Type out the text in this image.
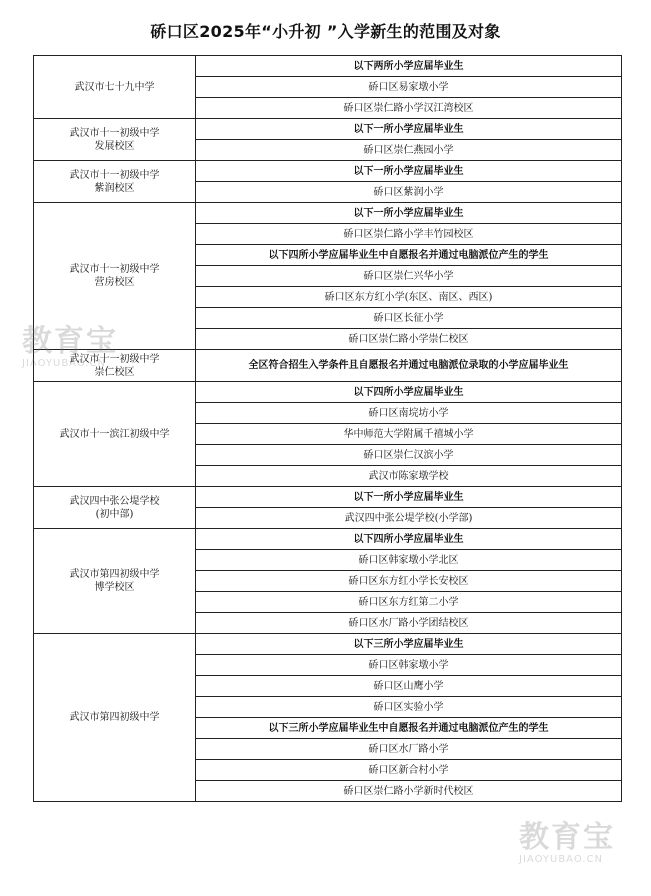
硚口区2025年“小升初 ”入学新生的范围及对象
武汉市七十九中学	以下两所小学应届毕业生
	硚口区易家墩小学
	硚口区崇仁路小学汉江湾校区

武汉市十一初级中学
发展校区	以下一所小学应届毕业生
	硚口区崇仁燕园小学

武汉市十一初级中学
紫润校区	以下一所小学应届毕业生
	硚口区紫润小学

武汉市十一初级中学
营房校区	以下一所小学应届毕业生
	硚口区崇仁路小学丰竹园校区
	以下四所小学应届毕业生中自愿报名并通过电脑派位产生的学生
	硚口区崇仁兴华小学
	硚口区东方红小学(东区、南区、西区)
	硚口区长征小学
	硚口区崇仁路小学崇仁校区

武汉市十一初级中学
崇仁校区	全区符合招生入学条件且自愿报名并通过电脑派位录取的小学应届毕业生

武汉市十一滨江初级中学	以下四所小学应届毕业生
	硚口区南垸坊小学
	华中师范大学附属千禧城小学
	硚口区崇仁汉滨小学
	武汉市陈家墩学校

武汉四中张公堤学校
(初中部)	以下一所小学应届毕业生
	武汉四中张公堤学校(小学部)

武汉市第四初级中学
博学校区	以下四所小学应届毕业生
	硚口区韩家墩小学北区
	硚口区东方红小学长安校区
	硚口区东方红第二小学
	硚口区水厂路小学团结校区

武汉市第四初级中学	以下三所小学应届毕业生
	硚口区韩家墩小学
	硚口区山鹰小学
	硚口区实验小学
	以下三所小学应届毕业生中自愿报名并通过电脑派位产生的学生
	硚口区水厂路小学
	硚口区新合村小学
	硚口区崇仁路小学新时代校区
教育宝
JIAOYUBAO.CN
教育宝
JIAOYUBAO.CN
